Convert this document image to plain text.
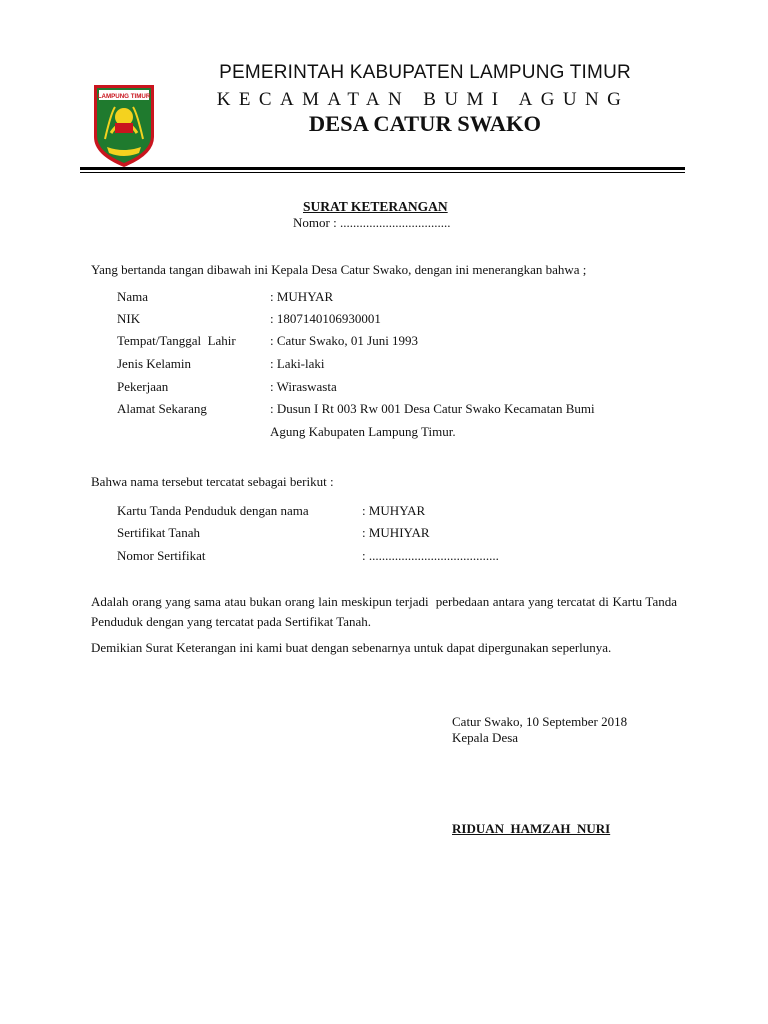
LAMPUNG TIMUR
PEMERINTAH KABUPATEN LAMPUNG TIMUR
KECAMATAN BUMI AGUNG
DESA CATUR SWAKO
SURAT KETERANGAN
Nomor : ..................................
Yang bertanda tangan dibawah ini Kepala Desa Catur Swako, dengan ini menerangkan bahwa ;
Nama	: MUHYAR
NIK	: 1807140106930001
Tempat/Tanggal  Lahir	: Catur Swako, 01 Juni 1993
Jenis Kelamin	: Laki-laki
Pekerjaan	: Wiraswasta
Alamat Sekarang	: Dusun I Rt 003 Rw 001 Desa Catur Swako Kecamatan Bumi
Agung Kabupaten Lampung Timur.
Bahwa nama tersebut tercatat sebagai berikut :
Kartu Tanda Penduduk dengan nama	: MUHYAR
Sertifikat Tanah	: MUHIYAR
Nomor Sertifikat	: ........................................
Adalah orang yang sama atau bukan orang lain meskipun terjadi  perbedaan antara yang tercatat di Kartu Tanda Penduduk dengan yang tercatat pada Sertifikat Tanah.
Demikian Surat Keterangan ini kami buat dengan sebenarnya untuk dapat dipergunakan seperlunya.
Catur Swako, 10 September 2018
Kepala Desa
RIDUAN  HAMZAH  NURI
